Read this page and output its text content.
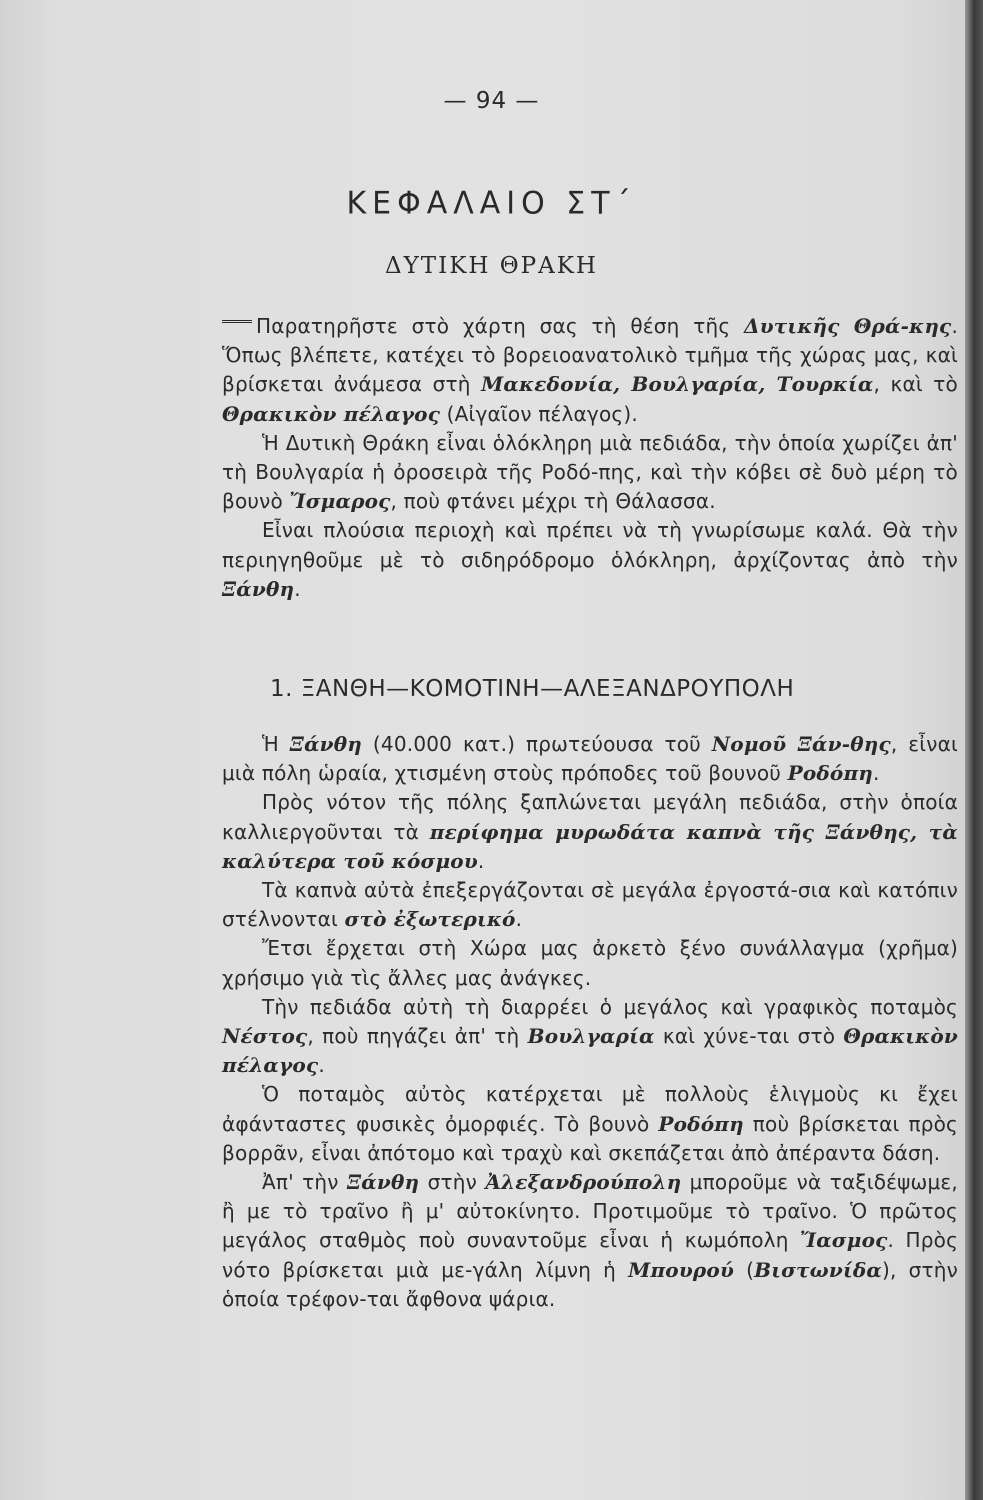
— 94 —
ΚΕΦΑΛΑΙΟ ΣΤ΄
ΔΥΤΙΚΗ ΘΡΑΚΗ

Παρατηρῆστε στὸ χάρτη σας τὴ θέση τῆς Δυτικῆς Θρά-κης. Ὅπως βλέπετε, κατέχει τὸ βορειοανατολικὸ τμῆμα τῆς χώρας μας, καὶ βρίσκεται ἀνάμεσα στὴ Μακεδονία, Βουλγαρία, Τουρκία, καὶ τὸ Θρακικὸν πέλαγος (Αἰγαῖον πέλαγος).

Ἡ Δυτικὴ Θράκη εἶναι ὁλόκληρη μιὰ πεδιάδα, τὴν ὁποία χωρίζει ἀπ' τὴ Βουλγαρία ἡ ὀροσειρὰ τῆς Ροδό-πης, καὶ τὴν κόβει σὲ δυὸ μέρη τὸ βουνὸ Ἴσμαρος, ποὺ φτάνει μέχρι τὴ Θάλασσα.

Εἶναι πλούσια περιοχὴ καὶ πρέπει νὰ τὴ γνωρίσωμε καλά. Θὰ τὴν περιηγηθοῦμε μὲ τὸ σιδηρόδρομο ὁλόκληρη, ἀρχίζοντας ἀπὸ τὴν Ξάνθη.

1. ΞΑΝΘΗ—ΚΟΜΟΤΙΝΗ—ΑΛΕΞΑΝΔΡΟΥΠΟΛΗ

Ἡ Ξάνθη (40.000 κατ.) πρωτεύουσα τοῦ Νομοῦ Ξάν-θης, εἶναι μιὰ πόλη ὡραία, χτισμένη στοὺς πρόποδες τοῦ βουνοῦ Ροδόπη.

Πρὸς νότον τῆς πόλης ξαπλώνεται μεγάλη πεδιάδα, στὴν ὁποία καλλιεργοῦνται τὰ περίφημα μυρωδάτα καπνὰ τῆς Ξάνθης, τὰ καλύτερα τοῦ κόσμου.

Τὰ καπνὰ αὐτὰ ἐπεξεργάζονται σὲ μεγάλα ἐργοστά-σια καὶ κατόπιν στέλνονται στὸ ἐξωτερικό.

Ἔτσι ἔρχεται στὴ Χώρα μας ἀρκετὸ ξένο συνάλλαγμα (χρῆμα) χρήσιμο γιὰ τὶς ἄλλες μας ἀνάγκες.

Τὴν πεδιάδα αὐτὴ τὴ διαρρέει ὁ μεγάλος καὶ γραφικὸς ποταμὸς Νέστος, ποὺ πηγάζει ἀπ' τὴ Βουλγαρία καὶ χύνε-ται στὸ Θρακικὸν πέλαγος.

Ὁ ποταμὸς αὐτὸς κατέρχεται μὲ πολλοὺς ἑλιγμοὺς κι ἔχει ἀφάνταστες φυσικὲς ὀμορφιές. Τὸ βουνὸ Ροδόπη ποὺ βρίσκεται πρὸς βορρᾶν, εἶναι ἀπότομο καὶ τραχὺ καὶ σκεπάζεται ἀπὸ ἀπέραντα δάση.

Ἀπ' τὴν Ξάνθη στὴν Ἀλεξανδρούπολη μποροῦμε νὰ ταξιδέψωμε, ἢ με τὸ τραῖνο ἢ μ' αὐτοκίνητο. Προτιμοῦμε τὸ τραῖνο. Ὁ πρῶτος μεγάλος σταθμὸς ποὺ συναντοῦμε εἶναι ἡ κωμόπολη Ἴασμος. Πρὸς νότο βρίσκεται μιὰ με-γάλη λίμνη ἡ Μπουρού (Βιστωνίδα), στὴν ὁποία τρέφον-ται ἄφθονα ψάρια.
